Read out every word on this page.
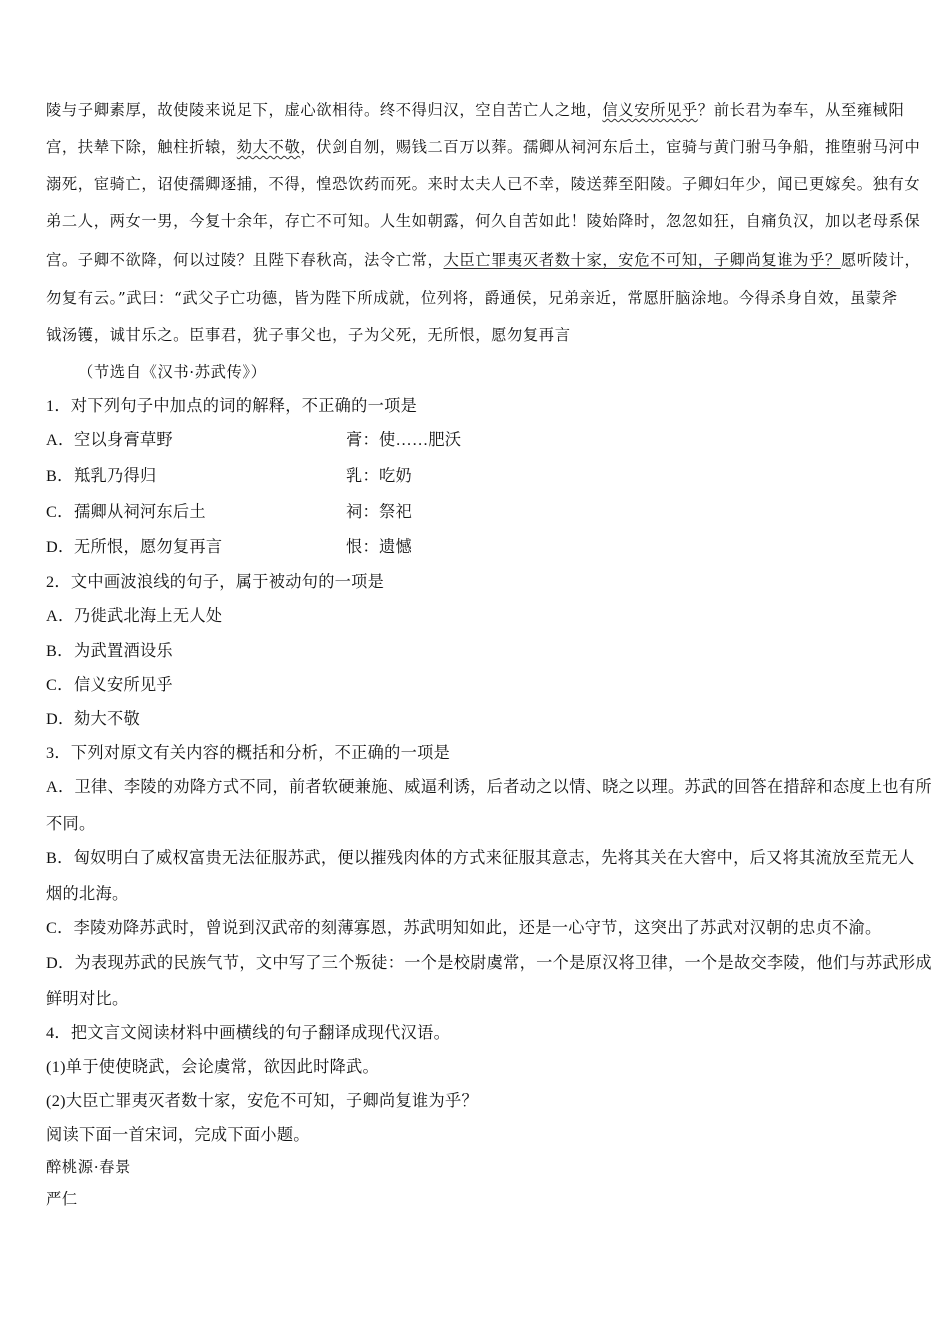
陵与子卿素厚，故使陵来说足下，虚心欲相待。终不得归汉，空自苦亡人之地，信义安所见乎？前长君为奉车，从至雍棫阳
宫，扶辇下除，触柱折辕，劾大不敬，伏剑自刎，赐钱二百万以葬。孺卿从祠河东后土，宦骑与黄门驸马争船，推堕驸马河中
溺死，宦骑亡，诏使孺卿逐捕，不得，惶恐饮药而死。来时太夫人已不幸，陵送葬至阳陵。子卿妇年少，闻已更嫁矣。独有女
弟二人，两女一男，今复十余年，存亡不可知。人生如朝露，何久自苦如此！陵始降时，忽忽如狂，自痛负汉，加以老母系保
宫。子卿不欲降，何以过陵？且陛下春秋高，法令亡常，大臣亡罪夷灭者数十家，安危不可知，子卿尚复谁为乎？愿听陵计，
勿复有云。”武曰：“武父子亡功德，皆为陛下所成就，位列将，爵通侯，兄弟亲近，常愿肝脑涂地。今得杀身自效，虽蒙斧
钺汤镬，诚甘乐之。臣事君，犹子事父也，子为父死，无所恨，愿勿复再言
（节选自《汉书·苏武传》）
1．对下列句子中加点的词的解释，不正确的一项是
A．空以身膏草野	膏：使……肥沃
B．羝乳乃得归	乳：吃奶
C．孺卿从祠河东后土	祠：祭祀
D．无所恨，愿勿复再言	恨：遗憾
2．文中画波浪线的句子，属于被动句的一项是
A．乃徙武北海上无人处
B．为武置酒设乐
C．信义安所见乎
D．劾大不敬
3．下列对原文有关内容的概括和分析，不正确的一项是
A．卫律、李陵的劝降方式不同，前者软硬兼施、威逼利诱，后者动之以情、晓之以理。苏武的回答在措辞和态度上也有所
不同。
B．匈奴明白了威权富贵无法征服苏武，便以摧残肉体的方式来征服其意志，先将其关在大窖中，后又将其流放至荒无人
烟的北海。
C．李陵劝降苏武时，曾说到汉武帝的刻薄寡恩，苏武明知如此，还是一心守节，这突出了苏武对汉朝的忠贞不渝。
D．为表现苏武的民族气节，文中写了三个叛徒：一个是校尉虞常，一个是原汉将卫律，一个是故交李陵，他们与苏武形成
鲜明对比。
4．把文言文阅读材料中画横线的句子翻译成现代汉语。
(1)单于使使晓武，会论虞常，欲因此时降武。
(2)大臣亡罪夷灭者数十家，安危不可知，子卿尚复谁为乎？
阅读下面一首宋词，完成下面小题。
醉桃源·春景
严仁
